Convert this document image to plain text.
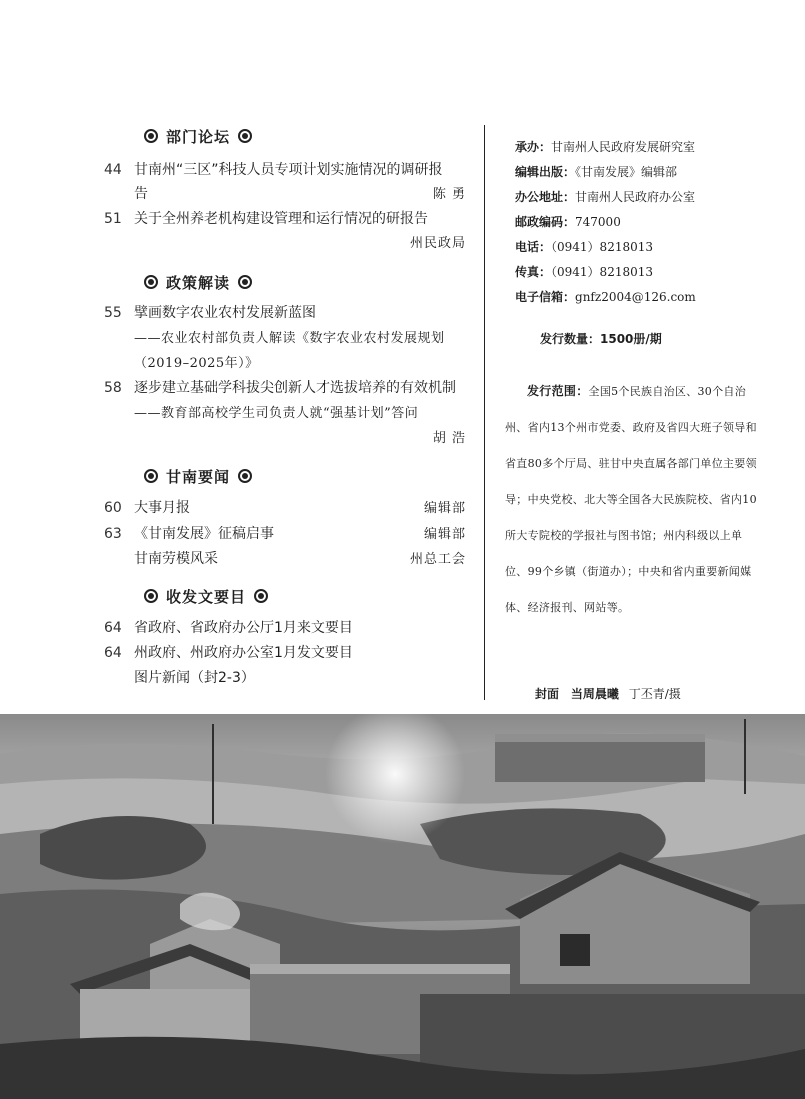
部门论坛
44 甘南州“三区”科技人员专项计划实施情况的调研报
告	陈 勇
51 关于全州养老机构建设管理和运行情况的研报告
州民政局
政策解读
55 擘画数字农业农村发展新蓝图
——农业农村部负责人解读《数字农业农村发展规划
（2019–2025年）》
58 逐步建立基础学科拔尖创新人才选拔培养的有效机制
——教育部高校学生司负责人就“强基计划”答问
胡 浩
甘南要闻
60 大事月报	编辑部
63 《甘南发展》征稿启事	编辑部
甘南劳模风采	州总工会
收发文要目
64 省政府、省政府办公厅1月来文要目
64 州政府、州政府办公室1月发文要目
图片新闻（封2-3）
承办：甘南州人民政府发展研究室
编辑出版：《甘南发展》编辑部
办公地址：甘南州人民政府办公室
邮政编码：747000
电话：（0941）8218013
传真：（0941）8218013
电子信箱：gnfz2004@126.com
发行数量：1500册/期
发行范围：全国5个民族自治区、30个自治州、省内13个州市党委、政府及省四大班子领导和省直80多个厅局、驻甘中央直属各部门单位主要领导；中央党校、北大等全国各大民族院校、省内10所大专院校的学报社与图书馆；州内科级以上单位、99个乡镇（街道办）；中央和省内重要新闻媒体、经济报刊、网站等。
封面 当周晨曦 丁丕青/摄
